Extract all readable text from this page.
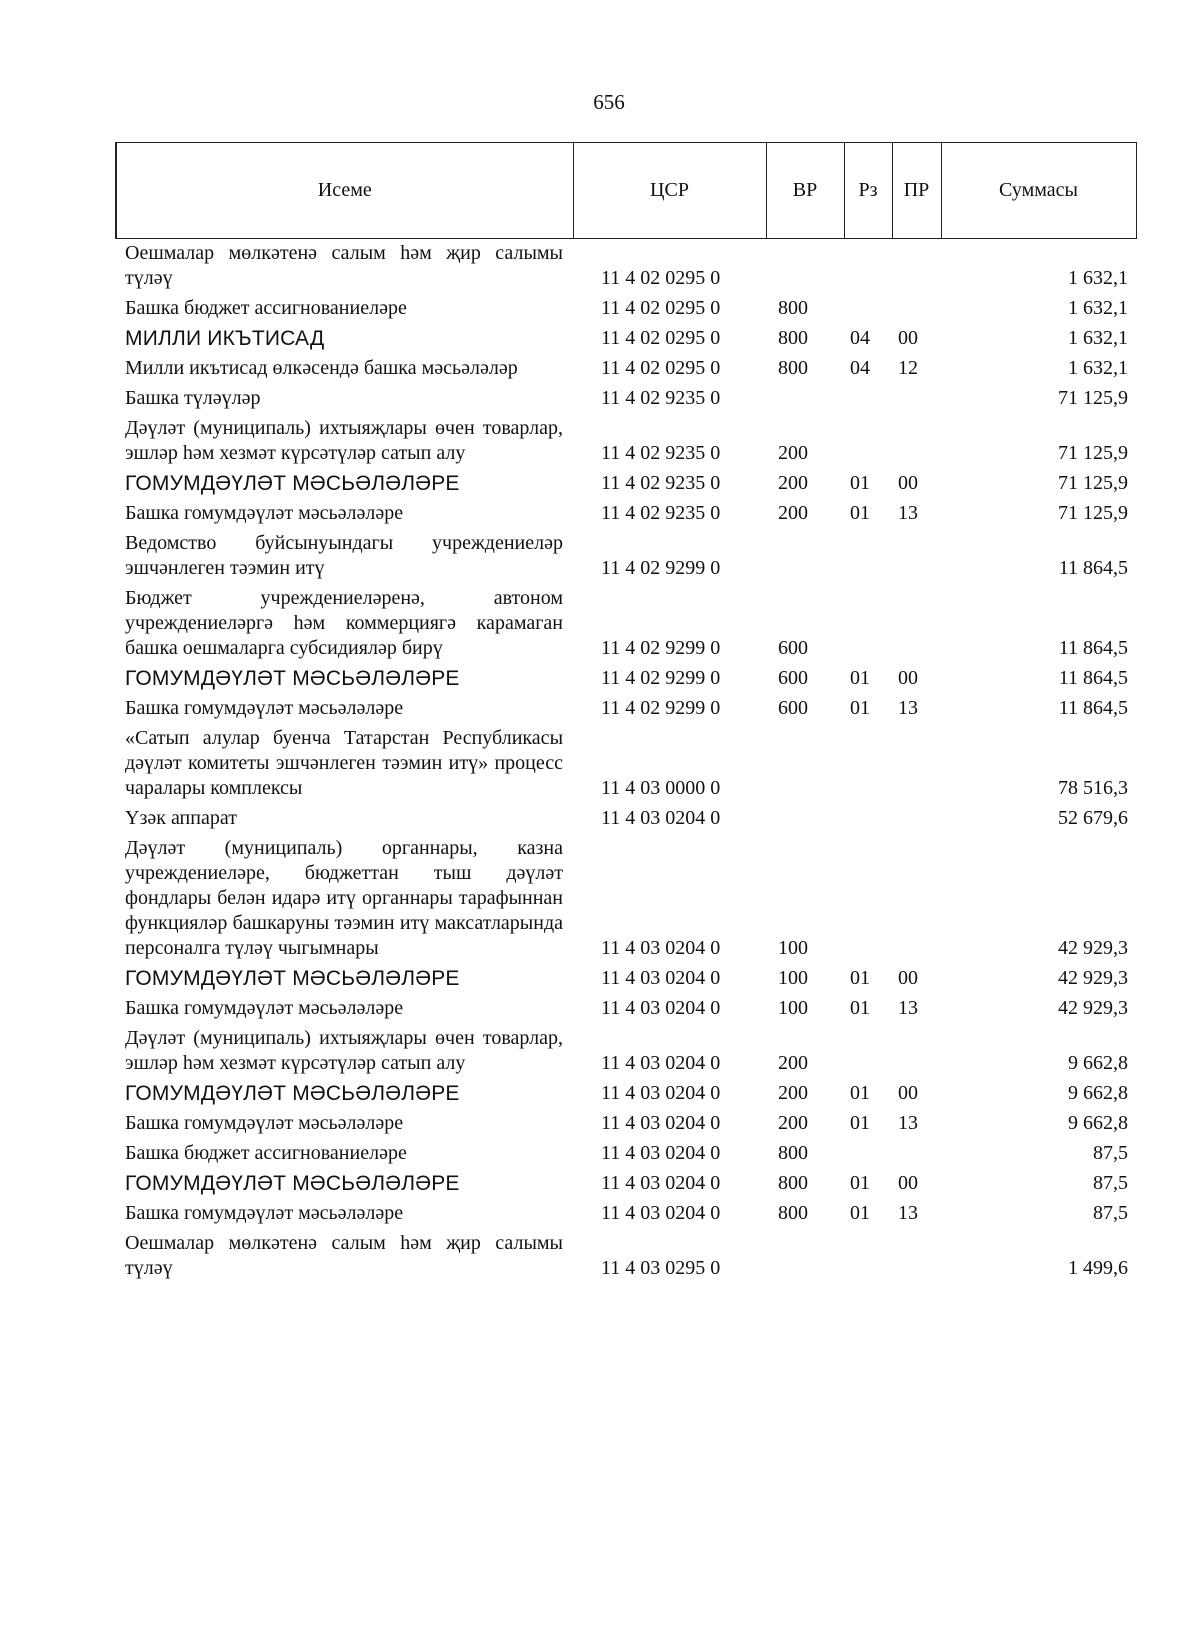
656
Исеме	ЦСР	ВР	Рз	ПР	Суммасы
Оешмалар мөлкәтенә салым һәм җир салымы түләү	11 4 02 0295 0				1 632,1
Башка бюджет ассигнованиеләре	11 4 02 0295 0	800			1 632,1
МИЛЛИ ИКЪТИСАД	11 4 02 0295 0	800	04	00	1 632,1
Милли икътисад өлкәсендә башка мәсьәләләр	11 4 02 0295 0	800	04	12	1 632,1
Башка түләүләр	11 4 02 9235 0				71 125,9
Дәүләт (муниципаль) ихтыяҗлары өчен товарлар, эшләр һәм хезмәт күрсәтүләр сатып алу	11 4 02 9235 0	200			71 125,9
ГОМУМДӘҮЛӘТ МӘСЬӘЛӘЛӘРЕ	11 4 02 9235 0	200	01	00	71 125,9
Башка гомумдәүләт мәсьәләләре	11 4 02 9235 0	200	01	13	71 125,9
Ведомство буйсынуындагы учреждениеләр эшчәнлеген тәэмин итү	11 4 02 9299 0				11 864,5
Бюджет учреждениеләренә, автоном учреждениеләргә һәм коммерциягә карамаган башка оешмаларга субсидияләр бирү	11 4 02 9299 0	600			11 864,5
ГОМУМДӘҮЛӘТ МӘСЬӘЛӘЛӘРЕ	11 4 02 9299 0	600	01	00	11 864,5
Башка гомумдәүләт мәсьәләләре	11 4 02 9299 0	600	01	13	11 864,5
«Сатып алулар буенча Татарстан Республикасы дәүләт комитеты эшчәнлеген тәэмин итү» процесс чаралары комплексы	11 4 03 0000 0				78 516,3
Үзәк аппарат	11 4 03 0204 0				52 679,6
Дәүләт (муниципаль) органнары, казна учреждениеләре, бюджеттан тыш дәүләт фондлары белән идарә итү органнары тарафыннан функцияләр башкаруны тәэмин итү максатларында персоналга түләү чыгымнары	11 4 03 0204 0	100			42 929,3
ГОМУМДӘҮЛӘТ МӘСЬӘЛӘЛӘРЕ	11 4 03 0204 0	100	01	00	42 929,3
Башка гомумдәүләт мәсьәләләре	11 4 03 0204 0	100	01	13	42 929,3
Дәүләт (муниципаль) ихтыяҗлары өчен товарлар, эшләр һәм хезмәт күрсәтүләр сатып алу	11 4 03 0204 0	200			9 662,8
ГОМУМДӘҮЛӘТ МӘСЬӘЛӘЛӘРЕ	11 4 03 0204 0	200	01	00	9 662,8
Башка гомумдәүләт мәсьәләләре	11 4 03 0204 0	200	01	13	9 662,8
Башка бюджет ассигнованиеләре	11 4 03 0204 0	800			87,5
ГОМУМДӘҮЛӘТ МӘСЬӘЛӘЛӘРЕ	11 4 03 0204 0	800	01	00	87,5
Башка гомумдәүләт мәсьәләләре	11 4 03 0204 0	800	01	13	87,5
Оешмалар мөлкәтенә салым һәм җир салымы түләү	11 4 03 0295 0				1 499,6
